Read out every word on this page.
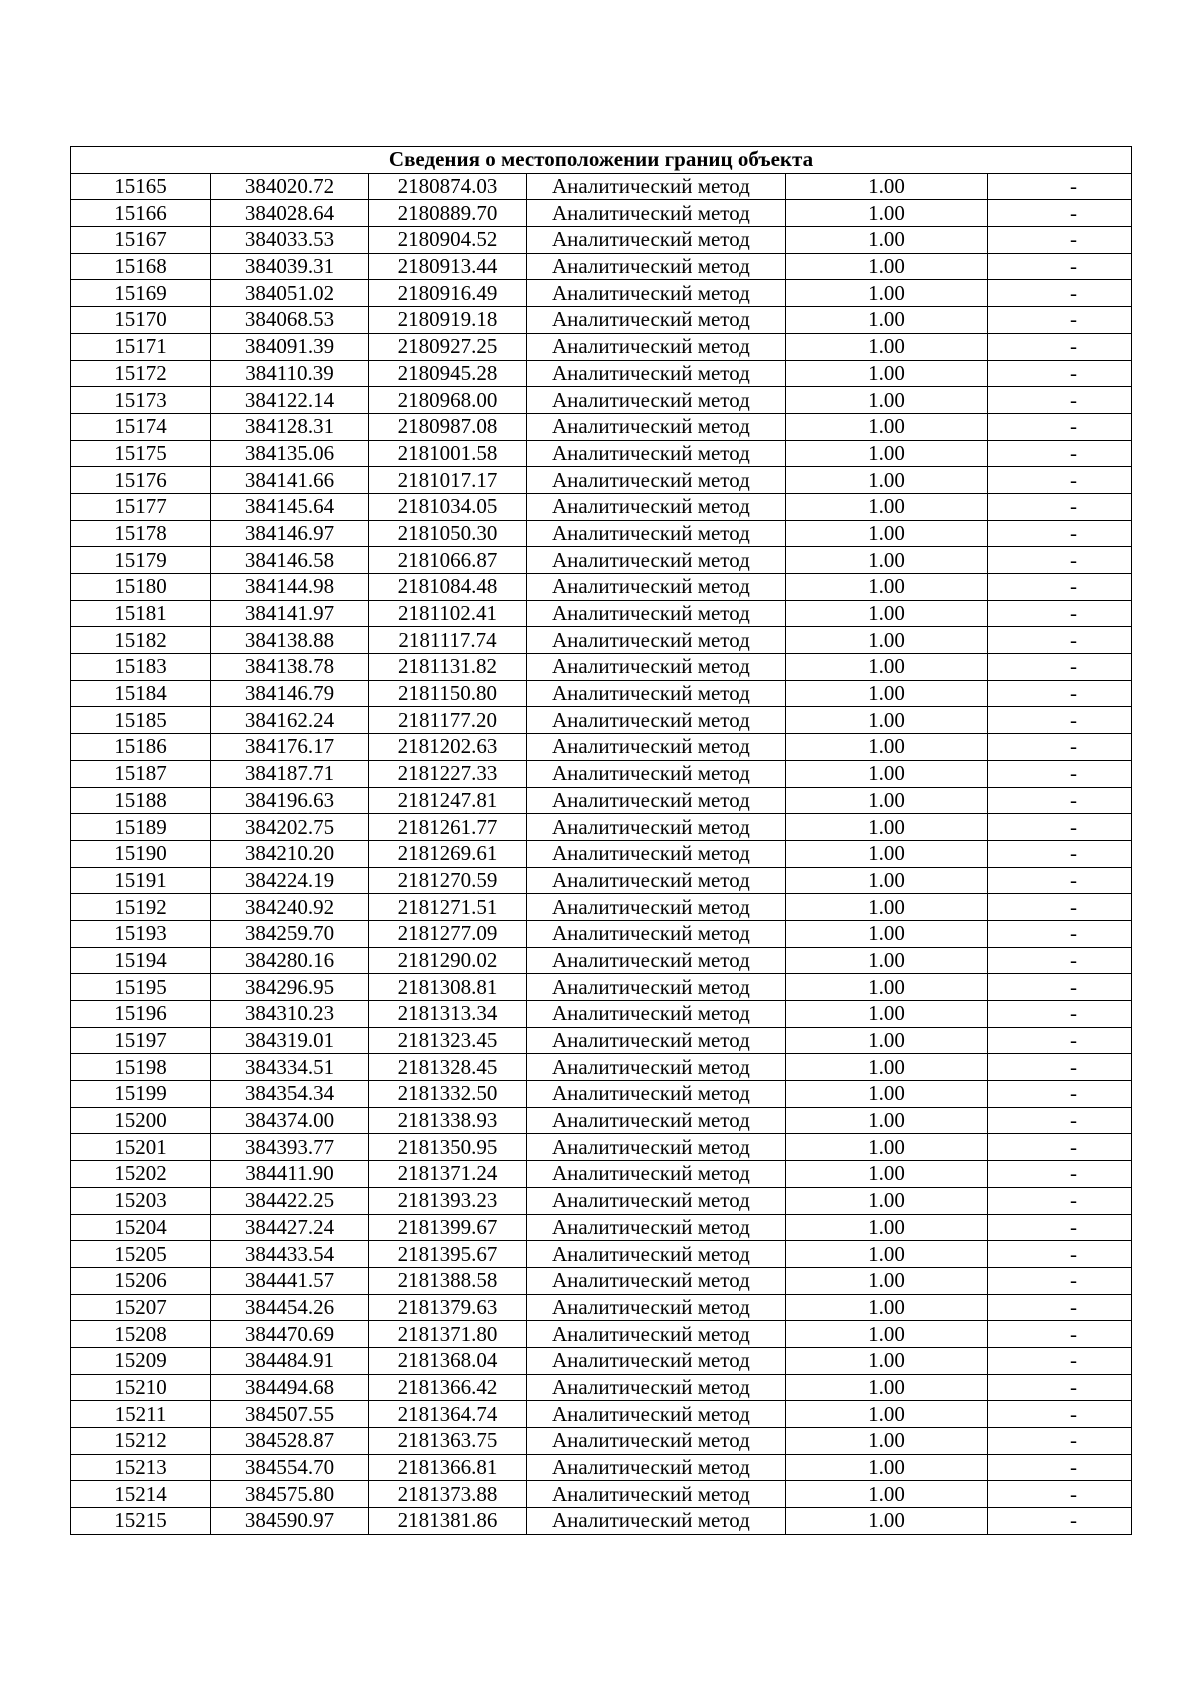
Сведения о местоположении границ объекта					
15165	384020.72	2180874.03	Аналитический метод	1.00	-
15166	384028.64	2180889.70	Аналитический метод	1.00	-
15167	384033.53	2180904.52	Аналитический метод	1.00	-
15168	384039.31	2180913.44	Аналитический метод	1.00	-
15169	384051.02	2180916.49	Аналитический метод	1.00	-
15170	384068.53	2180919.18	Аналитический метод	1.00	-
15171	384091.39	2180927.25	Аналитический метод	1.00	-
15172	384110.39	2180945.28	Аналитический метод	1.00	-
15173	384122.14	2180968.00	Аналитический метод	1.00	-
15174	384128.31	2180987.08	Аналитический метод	1.00	-
15175	384135.06	2181001.58	Аналитический метод	1.00	-
15176	384141.66	2181017.17	Аналитический метод	1.00	-
15177	384145.64	2181034.05	Аналитический метод	1.00	-
15178	384146.97	2181050.30	Аналитический метод	1.00	-
15179	384146.58	2181066.87	Аналитический метод	1.00	-
15180	384144.98	2181084.48	Аналитический метод	1.00	-
15181	384141.97	2181102.41	Аналитический метод	1.00	-
15182	384138.88	2181117.74	Аналитический метод	1.00	-
15183	384138.78	2181131.82	Аналитический метод	1.00	-
15184	384146.79	2181150.80	Аналитический метод	1.00	-
15185	384162.24	2181177.20	Аналитический метод	1.00	-
15186	384176.17	2181202.63	Аналитический метод	1.00	-
15187	384187.71	2181227.33	Аналитический метод	1.00	-
15188	384196.63	2181247.81	Аналитический метод	1.00	-
15189	384202.75	2181261.77	Аналитический метод	1.00	-
15190	384210.20	2181269.61	Аналитический метод	1.00	-
15191	384224.19	2181270.59	Аналитический метод	1.00	-
15192	384240.92	2181271.51	Аналитический метод	1.00	-
15193	384259.70	2181277.09	Аналитический метод	1.00	-
15194	384280.16	2181290.02	Аналитический метод	1.00	-
15195	384296.95	2181308.81	Аналитический метод	1.00	-
15196	384310.23	2181313.34	Аналитический метод	1.00	-
15197	384319.01	2181323.45	Аналитический метод	1.00	-
15198	384334.51	2181328.45	Аналитический метод	1.00	-
15199	384354.34	2181332.50	Аналитический метод	1.00	-
15200	384374.00	2181338.93	Аналитический метод	1.00	-
15201	384393.77	2181350.95	Аналитический метод	1.00	-
15202	384411.90	2181371.24	Аналитический метод	1.00	-
15203	384422.25	2181393.23	Аналитический метод	1.00	-
15204	384427.24	2181399.67	Аналитический метод	1.00	-
15205	384433.54	2181395.67	Аналитический метод	1.00	-
15206	384441.57	2181388.58	Аналитический метод	1.00	-
15207	384454.26	2181379.63	Аналитический метод	1.00	-
15208	384470.69	2181371.80	Аналитический метод	1.00	-
15209	384484.91	2181368.04	Аналитический метод	1.00	-
15210	384494.68	2181366.42	Аналитический метод	1.00	-
15211	384507.55	2181364.74	Аналитический метод	1.00	-
15212	384528.87	2181363.75	Аналитический метод	1.00	-
15213	384554.70	2181366.81	Аналитический метод	1.00	-
15214	384575.80	2181373.88	Аналитический метод	1.00	-
15215	384590.97	2181381.86	Аналитический метод	1.00	-
